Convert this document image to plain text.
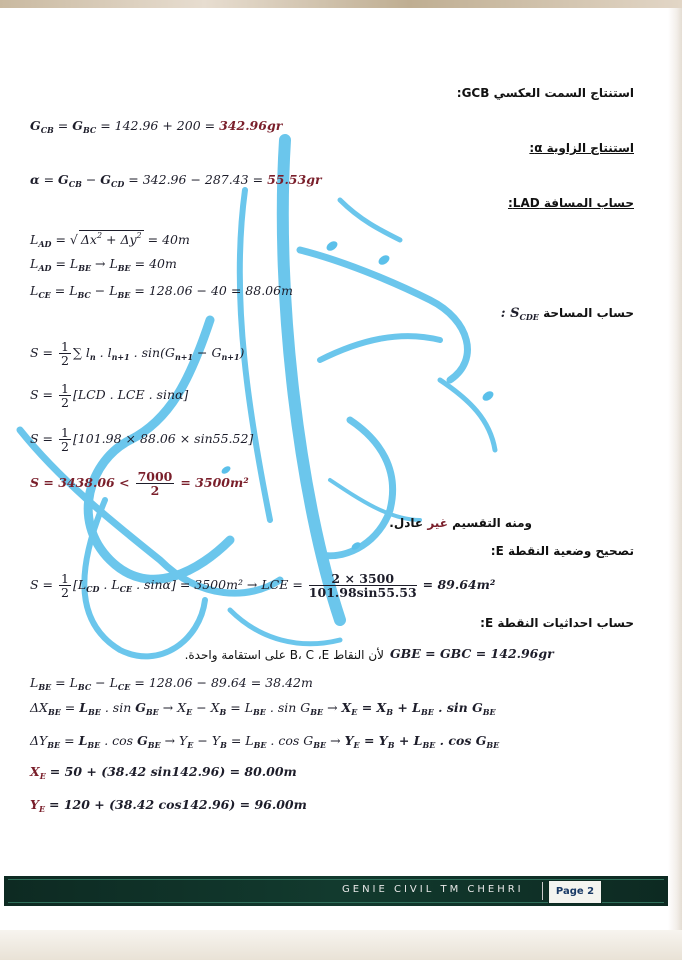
استنتاج السمت العكسي GCB:
$G_{CB} = G_{BC} = 142.96 + 200 = 342.96gr$
استنتاج الزاوية α:
$\alpha = G_{CB} - G_{CD} = 342.96 - 287.43 = 55.53gr$
حساب المسافة LAD:
$L_{AD}$ = √ $\Delta x^2 + \Delta y^2 = 40m$
$L_{AD} = L_{BE} \to L_{BE} = 40m$
$L_{CE} = L_{BC} - L_{BE} = 128.06 - 40 = 88.06m$
حساب المساحة $S_{CDE}$ :
$S = \frac{1}{2}$ ∑ $l_n$ . $l_{n+1}$ . $\sin(G_{n+1} - G_{n+1})$
$S = \frac{1}{2} [LCD$ . LCE . sinα]
$S = \frac{1}{2} [101.98 \times 88.06 \times \sin 55.52]$
$S = 3438.06 < \frac{7000}{2} = 3500m^2$
ومنه التقسيم غير عادل.
تصحيح وضعية النقطة E:
$S = \frac{1}{2} [L_{CD}$ . $L_{CE}$ . sinα] = 3500m² → LCE = $\frac{2 \times 3500}{101.98\sin 55.53} = 89.64m^2$
حساب احداثيات النقطة E:
GBE = GBC = 142.96gr
لأن النقاط B، C ،E على استقامة واحدة.
$L_{BE} = L_{BC} - L_{CE} = 128.06 - 89.64 = 38.42m$
$\Delta X_{BE} = L_{BE}$ . $\sin G_{BE} \to X_E - X_B = L_{BE}$ . $\sin G_{BE} \to X_E = X_B + L_{BE}$ . $\sin G_{BE}$
$\Delta Y_{BE} = L_{BE}$ . $\cos G_{BE} \to Y_E - Y_B = L_{BE}$ . $\cos G_{BE} \to Y_E = Y_B + L_{BE}$ . $\cos G_{BE}$
$X_E = 50 + (38.42$ sin142.96) = 80.00m
$Y_E = 120 + (38.42$ cos142.96) = 96.00m
GENIE CIVIL TM CHEHRI	Page 2
